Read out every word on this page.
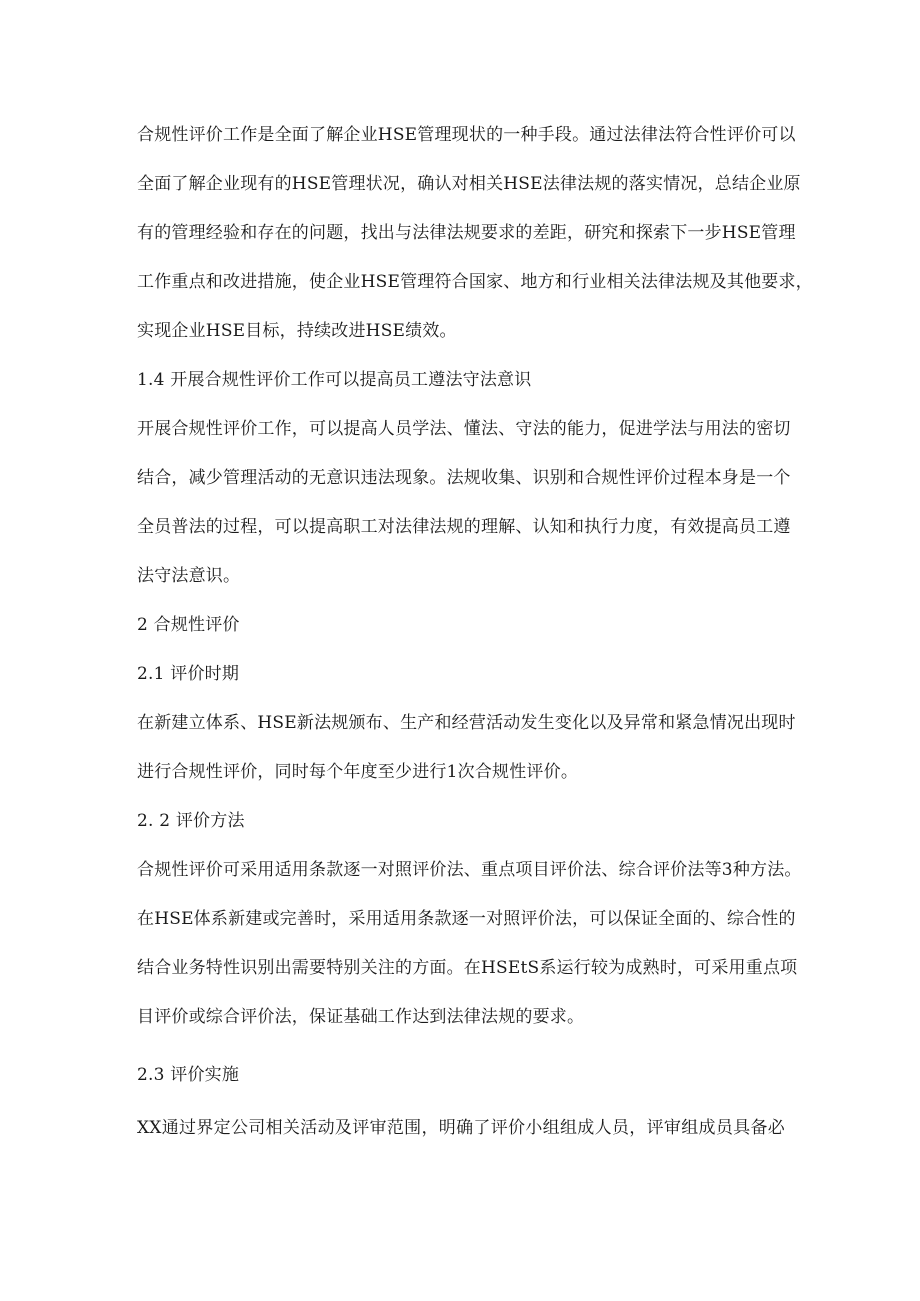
合规性评价工作是全面了解企业HSE管理现状的一种手段。通过法律法符合性评价可以
全面了解企业现有的HSE管理状况，确认对相关HSE法律法规的落实情况，总结企业原
有的管理经验和存在的问题，找出与法律法规要求的差距，研究和探索下一步HSE管理
工作重点和改进措施，使企业HSE管理符合国家、地方和行业相关法律法规及其他要求，
实现企业HSE目标，持续改进HSE绩效。
1.4 开展合规性评价工作可以提高员工遵法守法意识
开展合规性评价工作，可以提高人员学法、懂法、守法的能力，促进学法与用法的密切
结合，减少管理活动的无意识违法现象。法规收集、识别和合规性评价过程本身是一个
全员普法的过程，可以提高职工对法律法规的理解、认知和执行力度，有效提高员工遵
法守法意识。
2 合规性评价
2.1 评价时期
在新建立体系、HSE新法规颁布、生产和经营活动发生变化以及异常和紧急情况出现时
进行合规性评价，同时每个年度至少进行1次合规性评价。
2. 2 评价方法
合规性评价可采用适用条款逐一对照评价法、重点项目评价法、综合评价法等3种方法。
在HSE体系新建或完善时，采用适用条款逐一对照评价法，可以保证全面的、综合性的
结合业务特性识别出需要特别关注的方面。在HSEtS系运行较为成熟时，可采用重点项
目评价或综合评价法，保证基础工作达到法律法规的要求。
2.3 评价实施
XX通过界定公司相关活动及评审范围，明确了评价小组组成人员，评审组成员具备必
